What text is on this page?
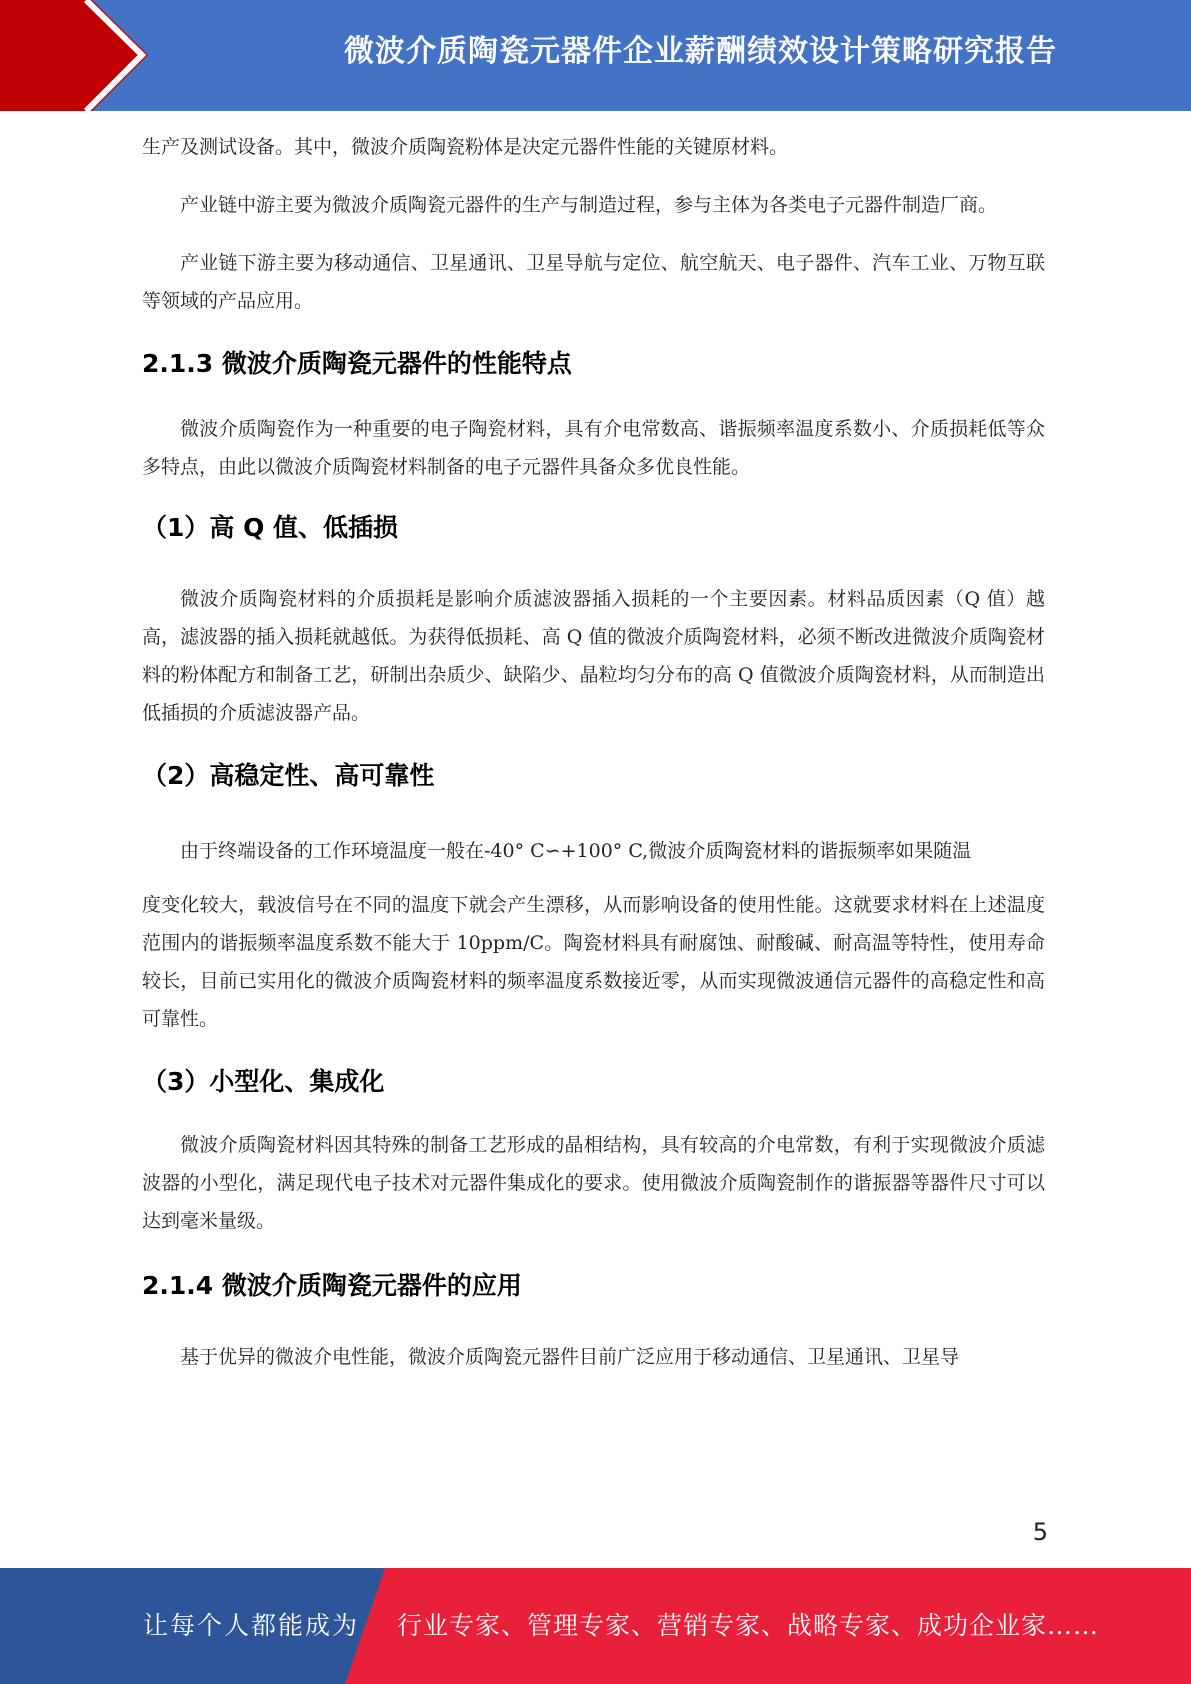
微波介质陶瓷元器件企业薪酬绩效设计策略研究报告

生产及测试设备。其中，微波介质陶瓷粉体是决定元器件性能的关键原材料。

产业链中游主要为微波介质陶瓷元器件的生产与制造过程，参与主体为各类电子元器件制造厂商。

产业链下游主要为移动通信、卫星通讯、卫星导航与定位、航空航天、电子器件、汽车工业、万物互联等领域的产品应用。

2.1.3 微波介质陶瓷元器件的性能特点

微波介质陶瓷作为一种重要的电子陶瓷材料，具有介电常数高、谐振频率温度系数小、介质损耗低等众多特点，由此以微波介质陶瓷材料制备的电子元器件具备众多优良性能。

（1）高 Q 值、低插损

微波介质陶瓷材料的介质损耗是影响介质滤波器插入损耗的一个主要因素。材料品质因素（Q 值）越高，滤波器的插入损耗就越低。为获得低损耗、高 Q 值的微波介质陶瓷材料，必须不断改进微波介质陶瓷材料的粉体配方和制备工艺，研制出杂质少、缺陷少、晶粒均匀分布的高 Q 值微波介质陶瓷材料，从而制造出低插损的介质滤波器产品。

（2）高稳定性、高可靠性

由于终端设备的工作环境温度一般在-40° C∽+100° C,微波介质陶瓷材料的谐振频率如果随温

度变化较大，载波信号在不同的温度下就会产生漂移，从而影响设备的使用性能。这就要求材料在上述温度范围内的谐振频率温度系数不能大于 10ppm/C。陶瓷材料具有耐腐蚀、耐酸碱、耐高温等特性，使用寿命较长，目前已实用化的微波介质陶瓷材料的频率温度系数接近零，从而实现微波通信元器件的高稳定性和高可靠性。

（3）小型化、集成化

微波介质陶瓷材料因其特殊的制备工艺形成的晶相结构，具有较高的介电常数，有利于实现微波介质滤波器的小型化，满足现代电子技术对元器件集成化的要求。使用微波介质陶瓷制作的谐振器等器件尺寸可以达到毫米量级。

2.1.4 微波介质陶瓷元器件的应用

基于优异的微波介电性能，微波介质陶瓷元器件目前广泛应用于移动通信、卫星通讯、卫星导

5
让每个人都能成为 行业专家、管理专家、营销专家、战略专家、成功企业家……
